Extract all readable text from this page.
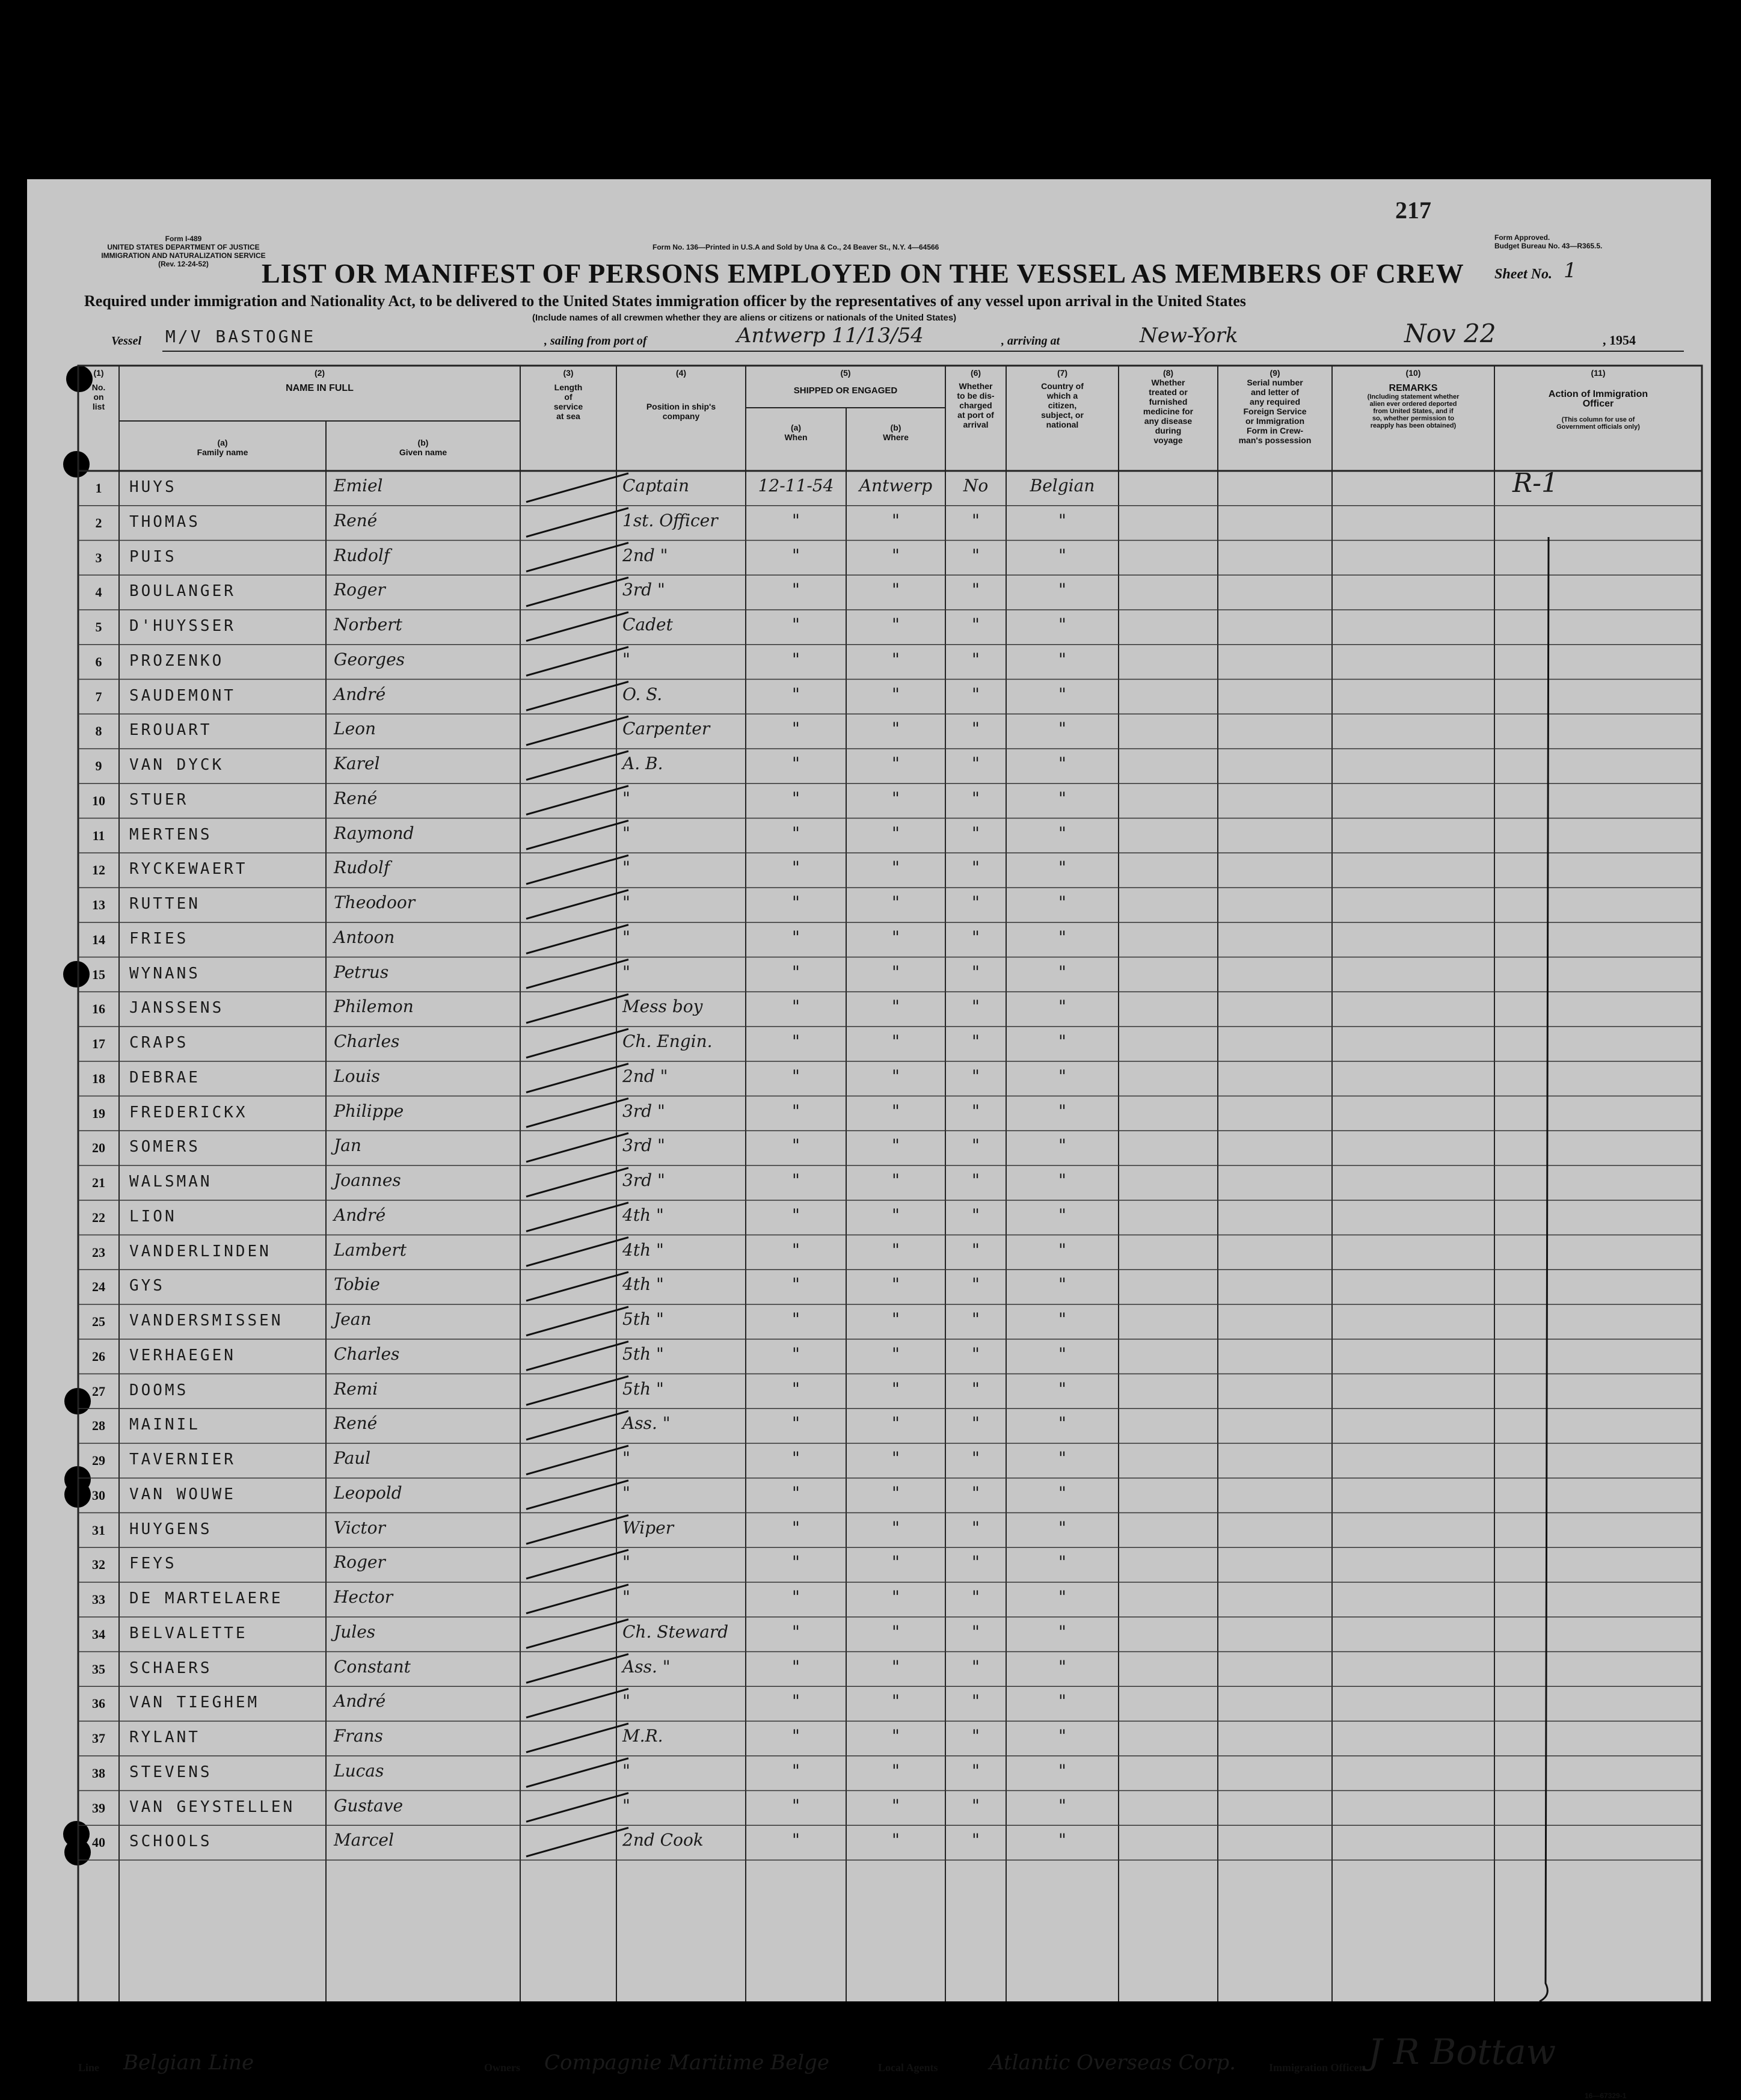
217
Form I-489
UNITED STATES DEPARTMENT OF JUSTICE
IMMIGRATION AND NATURALIZATION SERVICE
(Rev. 12-24-52)
Form No. 136—Printed in U.S.A and Sold by Una & Co., 24 Beaver St., N.Y. 4—64566
Form Approved.
Budget Bureau No. 43—R365.5.
LIST OR MANIFEST OF PERSONS EMPLOYED ON THE VESSEL AS MEMBERS OF CREW Sheet No. 1
Required under immigration and Nationality Act, to be delivered to the United States immigration officer by the representatives of any vessel upon arrival in the United States
(Include names of all crewmen whether they are aliens or citizens or nationals of the United States)
Vessel M/V BASTOGNE	, sailing from port of	Antwerp 11/13/54	, arriving at	New-York	Nov 22	, 1954
(1)
No.
on
list
(2)
NAME IN FULL
(a)
Family name
(b)
Given name
(3)
Length
of
service
at sea
(4)
Position in ship's
company
(5)
SHIPPED OR ENGAGED
(a)
When
(b)
Where
(6)
Whether
to be dis-
charged
at port of
arrival
(7)
Country of
which a
citizen,
subject, or
national
(8)
Whether
treated or
furnished
medicine for
any disease
during
voyage
(9)
Serial number
and letter of
any required
Foreign Service
or Immigration
Form in Crew-
man's possession
(10)
REMARKS
(Including statement whether
alien ever ordered deported
from United States, and if
so, whether permission to
reapply has been obtained)
(11)
Action of Immigration
Officer
(This column for use of
Government officials only)
1	HUYS	Emiel	Captain	12-11-54	Antwerp	No	Belgian
2	THOMAS	René	1st. Officer	"	"	"	"
3	PUIS	Rudolf	2nd "	"	"	"	"
4	BOULANGER	Roger	3rd "	"	"	"	"
5	D'HUYSSER	Norbert	Cadet	"	"	"	"
6	PROZENKO	Georges	"	"	"	"	"
7	SAUDEMONT	André	O. S.	"	"	"	"
8	EROUART	Leon	Carpenter	"	"	"	"
9	VAN DYCK	Karel	A. B.	"	"	"	"
10	STUER	René	"	"	"	"	"
11	MERTENS	Raymond	"	"	"	"	"
12	RYCKEWAERT	Rudolf	"	"	"	"	"
13	RUTTEN	Theodoor	"	"	"	"	"
14	FRIES	Antoon	"	"	"	"	"
15	WYNANS	Petrus	"	"	"	"	"
16	JANSSENS	Philemon	Mess boy	"	"	"	"
17	CRAPS	Charles	Ch. Engin.	"	"	"	"
18	DEBRAE	Louis	2nd "	"	"	"	"
19	FREDERICKX	Philippe	3rd "	"	"	"	"
20	SOMERS	Jan	3rd "	"	"	"	"
21	WALSMAN	Joannes	3rd "	"	"	"	"
22	LION	André	4th "	"	"	"	"
23	VANDERLINDEN	Lambert	4th "	"	"	"	"
24	GYS	Tobie	4th "	"	"	"	"
25	VANDERSMISSEN	Jean	5th "	"	"	"	"
26	VERHAEGEN	Charles	5th "	"	"	"	"
27	DOOMS	Remi	5th "	"	"	"	"
28	MAINIL	René	Ass. "	"	"	"	"
29	TAVERNIER	Paul	"	"	"	"	"
30	VAN WOUWE	Leopold	"	"	"	"	"
31	HUYGENS	Victor	Wiper	"	"	"	"
32	FEYS	Roger	"	"	"	"	"
33	DE MARTELAERE	Hector	"	"	"	"	"
34	BELVALETTE	Jules	Ch. Steward	"	"	"	"
35	SCHAERS	Constant	Ass. "	"	"	"	"
36	VAN TIEGHEM	André	"	"	"	"	"
37	RYLANT	Frans	M.R.	"	"	"	"
38	STEVENS	Lucas	"	"	"	"	"
39	VAN GEYSTELLEN	Gustave	"	"	"	"	"
40	SCHOOLS	Marcel	2nd Cook	"	"	"	"
R-1
Line Belgian Line	Owners Compagnie Maritime Belge	Local Agents	Atlantic Overseas Corp.	Immigration Officer. J R Bottaw
16—67329-1
